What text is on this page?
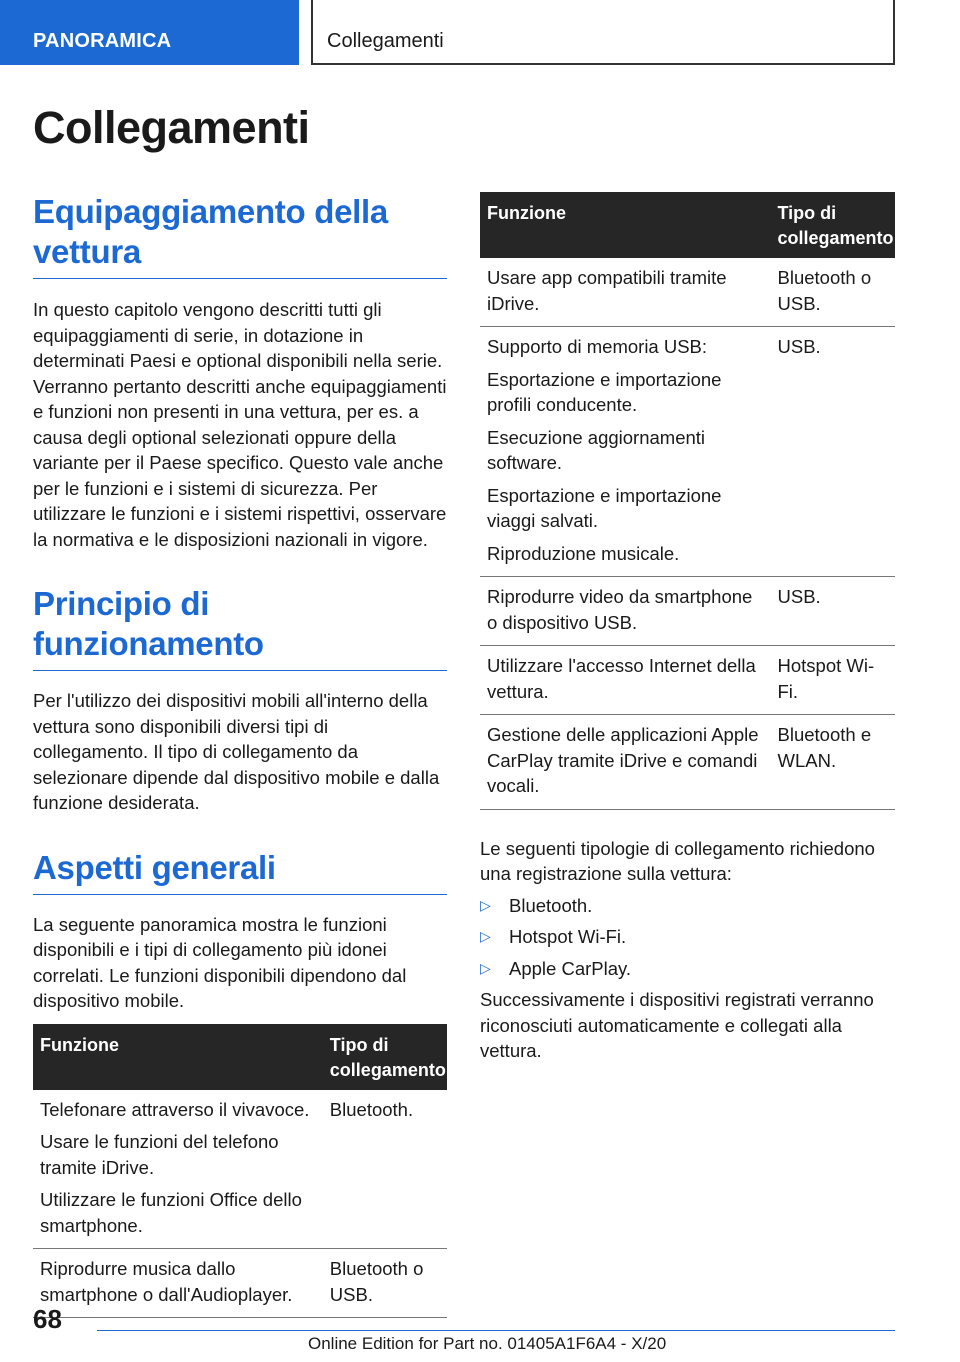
PANORAMICA	Collegamenti
Collegamenti
Equipaggiamento della vettura

In questo capitolo vengono descritti tutti gli equipaggiamenti di serie, in dotazione in determinati Paesi e optional disponibili nella serie. Verranno pertanto descritti anche equipaggiamenti e funzioni non presenti in una vettura, per es. a causa degli optional selezionati oppure della variante per il Paese specifico. Questo vale anche per le funzioni e i sistemi di sicurezza. Per utilizzare le funzioni e i sistemi rispettivi, osservare la normativa e le disposizioni nazionali in vigore.

Principio di funzionamento

Per l'utilizzo dei dispositivi mobili all'interno della vettura sono disponibili diversi tipi di collegamento. Il tipo di collegamento da selezionare dipende dal dispositivo mobile e dalla funzione desiderata.

Aspetti generali

La seguente panoramica mostra le funzioni disponibili e i tipi di collegamento più idonei correlati. Le funzioni disponibili dipendono dal dispositivo mobile.

Funzione	Tipo di collegamento

Telefonare attraverso il vivavoce.
Usare le funzioni del telefono tramite iDrive.
Utilizzare le funzioni Office dello smartphone.	Bluetooth.

Riprodurre musica dallo smartphone o dall'Audioplayer.	Bluetooth o USB.
Funzione	Tipo di collegamento

Usare app compatibili tramite iDrive.	Bluetooth o USB.

Supporto di memoria USB:
Esportazione e importazione profili conducente.
Esecuzione aggiornamenti software.
Esportazione e importazione viaggi salvati.
Riproduzione musicale.	USB.

Riprodurre video da smartphone o dispositivo USB.	USB.

Utilizzare l'accesso Internet della vettura.	Hotspot Wi-Fi.

Gestione delle applicazioni Apple CarPlay tramite iDrive e comandi vocali.	Bluetooth e WLAN.

Le seguenti tipologie di collegamento richiedono una registrazione sulla vettura:

▷ Bluetooth.
▷ Hotspot Wi-Fi.
▷ Apple CarPlay.

Successivamente i dispositivi registrati verranno riconosciuti automaticamente e collegati alla vettura.

68
Online Edition for Part no. 01405A1F6A4 - X/20
